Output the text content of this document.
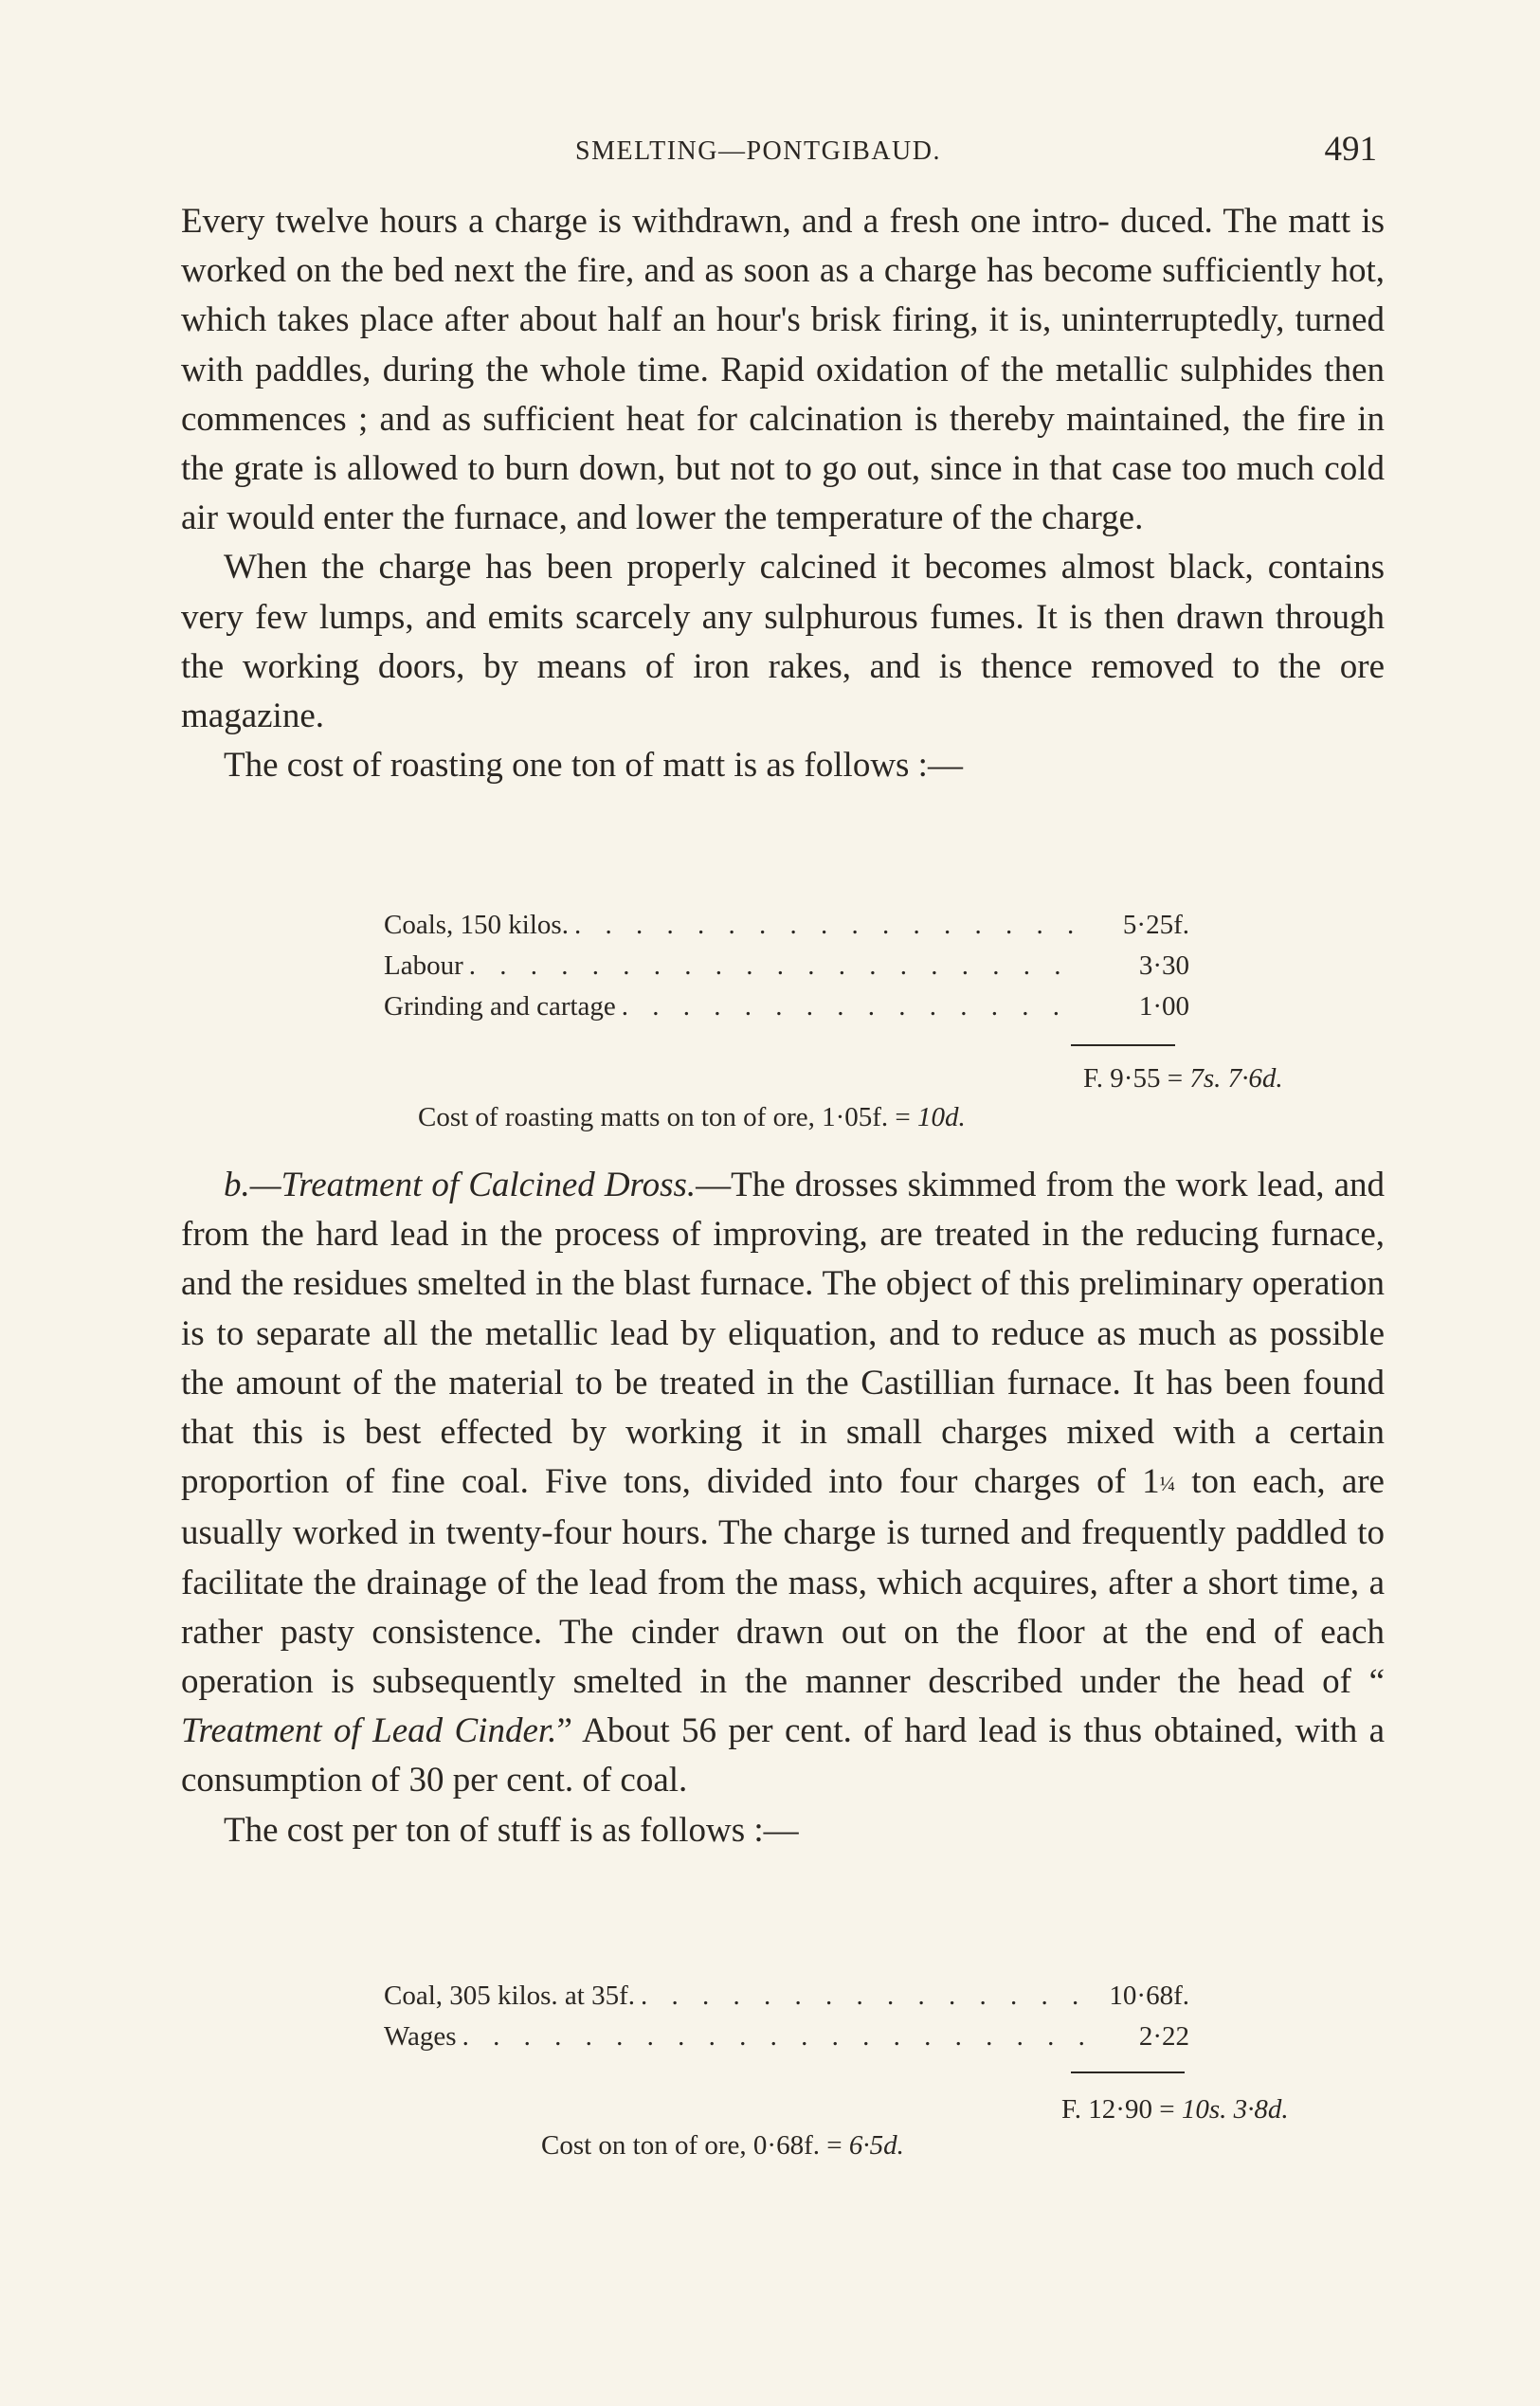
SMELTING—PONTGIBAUD.	491

Every twelve hours a charge is withdrawn, and a fresh one intro- duced. The matt is worked on the bed next the fire, and as soon as a charge has become sufficiently hot, which takes place after about half an hour's brisk firing, it is, uninterruptedly, turned with paddles, during the whole time. Rapid oxidation of the metallic sulphides then commences ; and as sufficient heat for calcination is thereby maintained, the fire in the grate is allowed to burn down, but not to go out, since in that case too much cold air would enter the furnace, and lower the temperature of the charge.

When the charge has been properly calcined it becomes almost black, contains very few lumps, and emits scarcely any sulphurous fumes. It is then drawn through the working doors, by means of iron rakes, and is thence removed to the ore magazine.

The cost of roasting one ton of matt is as follows :—

Coals, 150 kilos. . . .	5·25f.
Labour . . .	3·30
Grinding and cartage . . .	1·00
F. 9·55 = 7s. 7·6d.
Cost of roasting matts on ton of ore, 1·05f. = 10d.

b.—Treatment of Calcined Dross.—The drosses skimmed from the work lead, and from the hard lead in the process of improving, are treated in the reducing furnace, and the residues smelted in the blast furnace. The object of this preliminary operation is to separate all the metallic lead by eliquation, and to reduce as much as possible the amount of the material to be treated in the Castillian furnace. It has been found that this is best effected by working it in small charges mixed with a certain proportion of fine coal. Five tons, divided into four charges of 1¼ ton each, are usually worked in twenty-four hours. The charge is turned and frequently paddled to facilitate the drainage of the lead from the mass, which acquires, after a short time, a rather pasty consistence. The cinder drawn out on the floor at the end of each operation is subsequently smelted in the manner described under the head of “ Treatment of Lead Cinder.” About 56 per cent. of hard lead is thus obtained, with a consumption of 30 per cent. of coal.

The cost per ton of stuff is as follows :—

Coal, 305 kilos. at 35f. . . .	10·68f.
Wages . . .	2·22
F. 12·90 = 10s. 3·8d.
Cost on ton of ore, 0·68f. = 6·5d.
